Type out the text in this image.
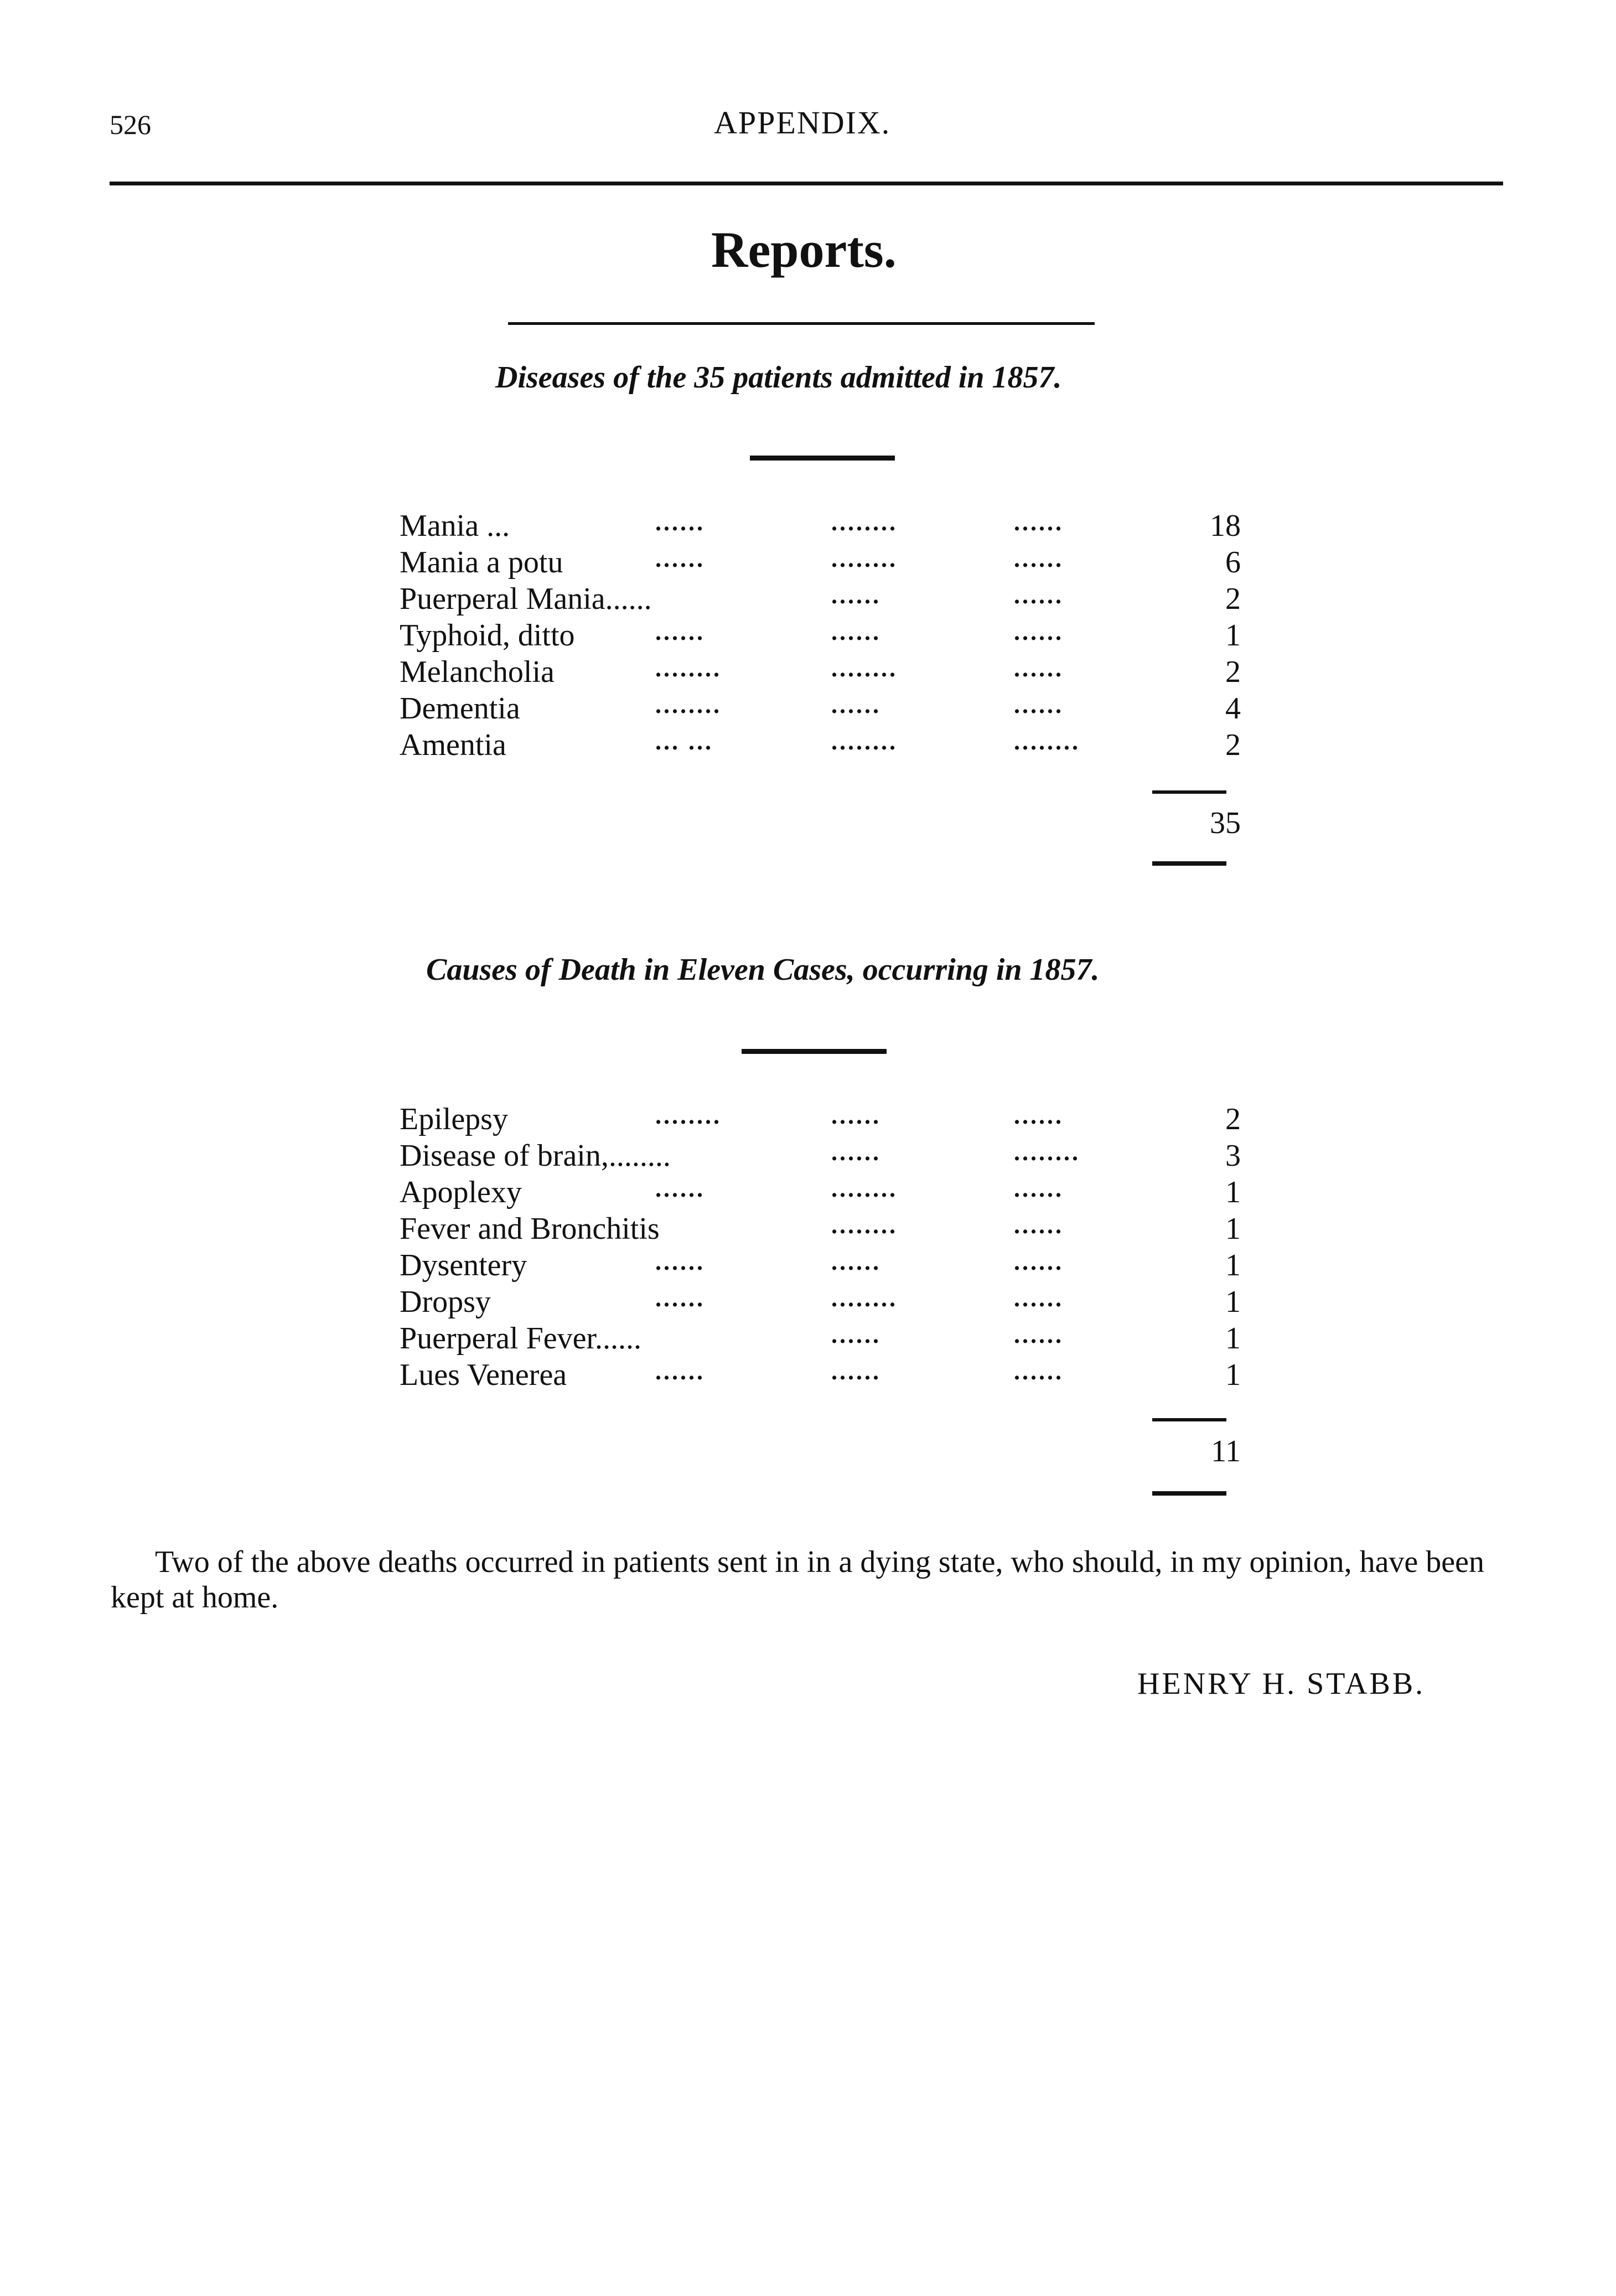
526	APPENDIX.
Reports.
Diseases of the 35 patients admitted in 1857.
Mania ...	......	........	......	18
Mania a potu	......	........	......	6
Puerperal Mania......	......	......	2
Typhoid, ditto	......	......	......	1
Melancholia	........	........	......	2
Dementia	........	......	......	4
Amentia	... ...	........	........	2
35
Causes of Death in Eleven Cases, occurring in 1857.
Epilepsy	........	......	......	2
Disease of brain,........	......	........	3
Apoplexy	......	........	......	1
Fever and Bronchitis	........	......	1
Dysentery	......	......	......	1
Dropsy	......	........	......	1
Puerperal Fever......	......	......	1
Lues Venerea	......	......	......	1
11
Two of the above deaths occurred in patients sent in in a dying state, who should, in my opinion, have been kept at home.
HENRY H. STABB.
